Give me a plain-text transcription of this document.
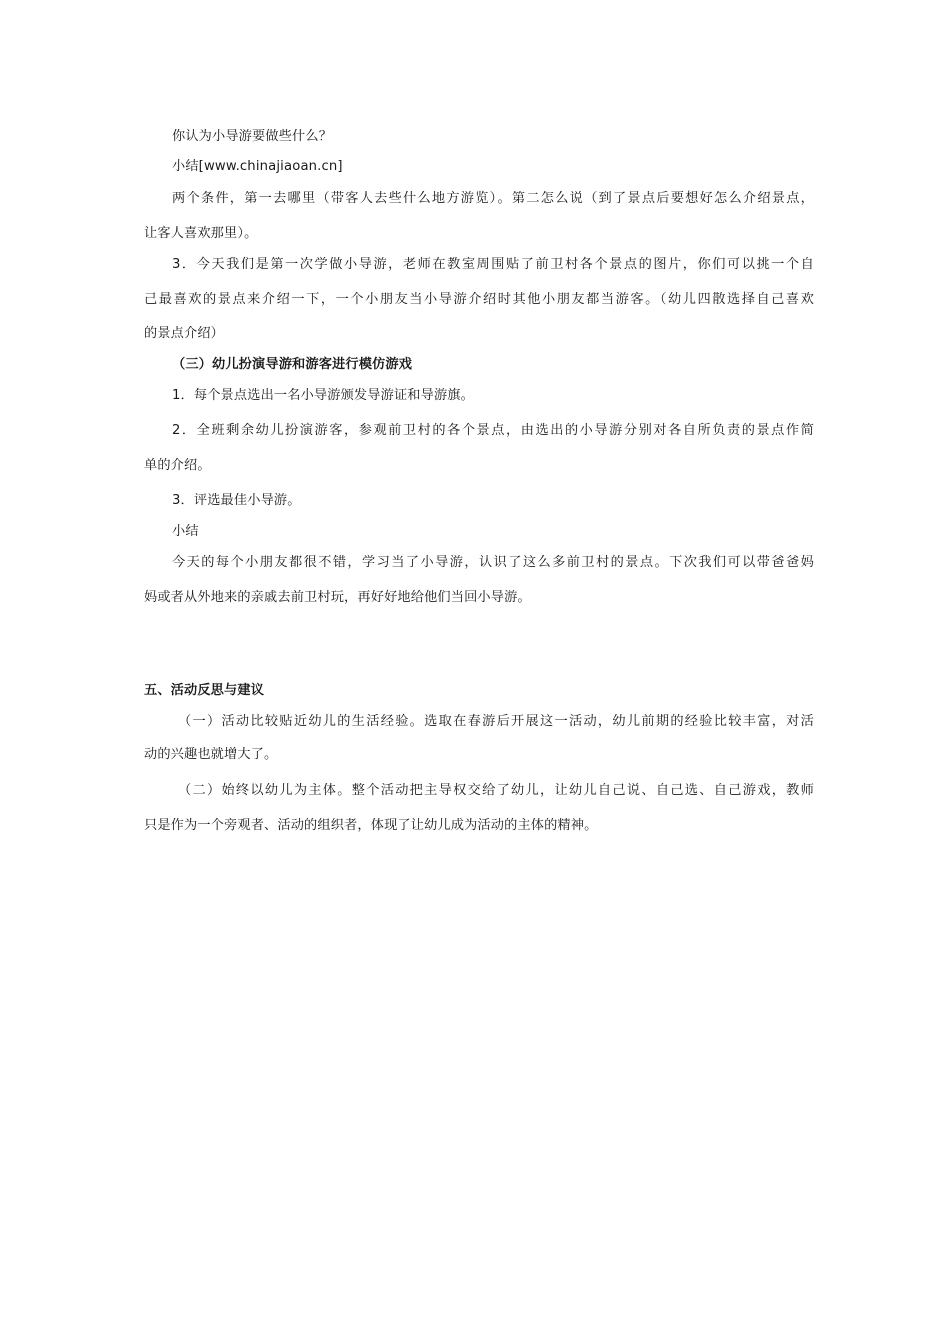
你认为小导游要做些什么？
小结[www.chinajiaoan.cn]
两个条件，第一去哪里（带客人去些什么地方游览）。第二怎么说（到了景点后要想好怎么介绍景点，
让客人喜欢那里）。
3．今天我们是第一次学做小导游，老师在教室周围贴了前卫村各个景点的图片，你们可以挑一个自
己最喜欢的景点来介绍一下，一个小朋友当小导游介绍时其他小朋友都当游客。（幼儿四散选择自己喜欢
的景点介绍）
（三）幼儿扮演导游和游客进行模仿游戏
1．每个景点选出一名小导游颁发导游证和导游旗。
2．全班剩余幼儿扮演游客，参观前卫村的各个景点，由选出的小导游分别对各自所负责的景点作简
单的介绍。
3．评选最佳小导游。
小结
今天的每个小朋友都很不错，学习当了小导游，认识了这么多前卫村的景点。下次我们可以带爸爸妈
妈或者从外地来的亲戚去前卫村玩，再好好地给他们当回小导游。
五、活动反思与建议
（一）活动比较贴近幼儿的生活经验。选取在春游后开展这一活动，幼儿前期的经验比较丰富，对活
动的兴趣也就增大了。
（二）始终以幼儿为主体。整个活动把主导权交给了幼儿，让幼儿自己说、自己选、自己游戏，教师
只是作为一个旁观者、活动的组织者，体现了让幼儿成为活动的主体的精神。
